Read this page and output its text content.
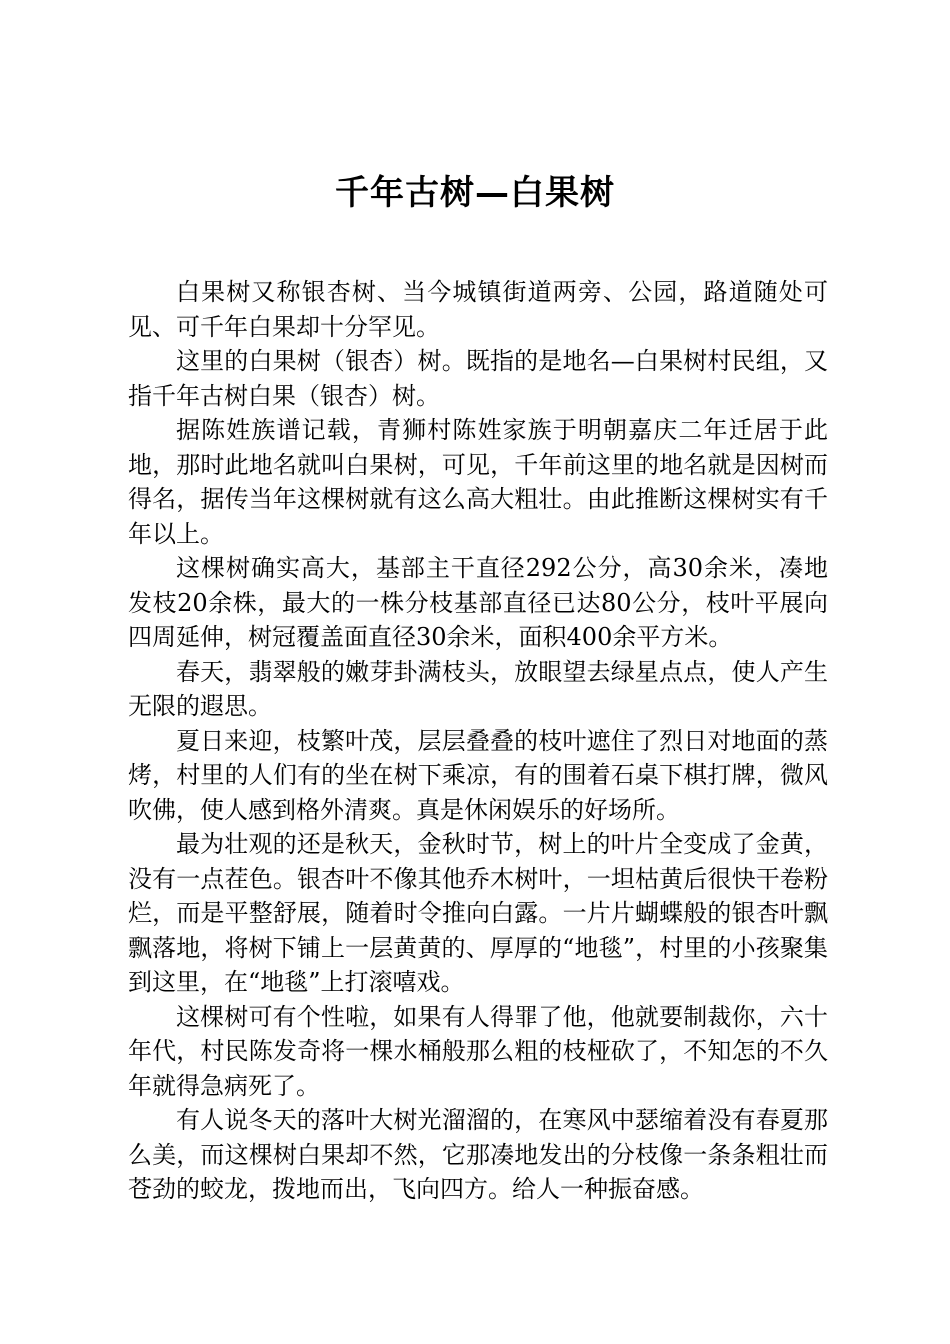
千年古树—白果树

白果树又称银杏树、当今城镇街道两旁、公园，路道随处可见、可千年白果却十分罕见。

这里的白果树（银杏）树。既指的是地名—白果树村民组，又指千年古树白果（银杏）树。

据陈姓族谱记载，青狮村陈姓家族于明朝嘉庆二年迁居于此地，那时此地名就叫白果树，可见，千年前这里的地名就是因树而得名，据传当年这棵树就有这么高大粗壮。由此推断这棵树实有千年以上。

这棵树确实高大，基部主干直径292公分，高30余米，凑地发枝20余株，最大的一株分枝基部直径已达80公分，枝叶平展向四周延伸，树冠覆盖面直径30余米，面积400余平方米。

春天，翡翠般的嫩芽卦满枝头，放眼望去绿星点点，使人产生无限的遐思。

夏日来迎，枝繁叶茂，层层叠叠的枝叶遮住了烈日对地面的蒸烤，村里的人们有的坐在树下乘凉，有的围着石桌下棋打牌，微风吹佛，使人感到格外清爽。真是休闲娱乐的好场所。

最为壮观的还是秋天，金秋时节，树上的叶片全变成了金黄，没有一点茬色。银杏叶不像其他乔木树叶，一坦枯黄后很快干卷粉烂，而是平整舒展，随着时令推向白露。一片片蝴蝶般的银杏叶飘飘落地，将树下铺上一层黄黄的、厚厚的“地毯”，村里的小孩聚集到这里，在“地毯”上打滚嘻戏。

这棵树可有个性啦，如果有人得罪了他，他就要制裁你，六十年代，村民陈发奇将一棵水桶般那么粗的枝桠砍了，不知怎的不久年就得急病死了。

有人说冬天的落叶大树光溜溜的，在寒风中瑟缩着没有春夏那么美，而这棵树白果却不然，它那凑地发出的分枝像一条条粗壮而苍劲的蛟龙，拨地而出，飞向四方。给人一种振奋感。
